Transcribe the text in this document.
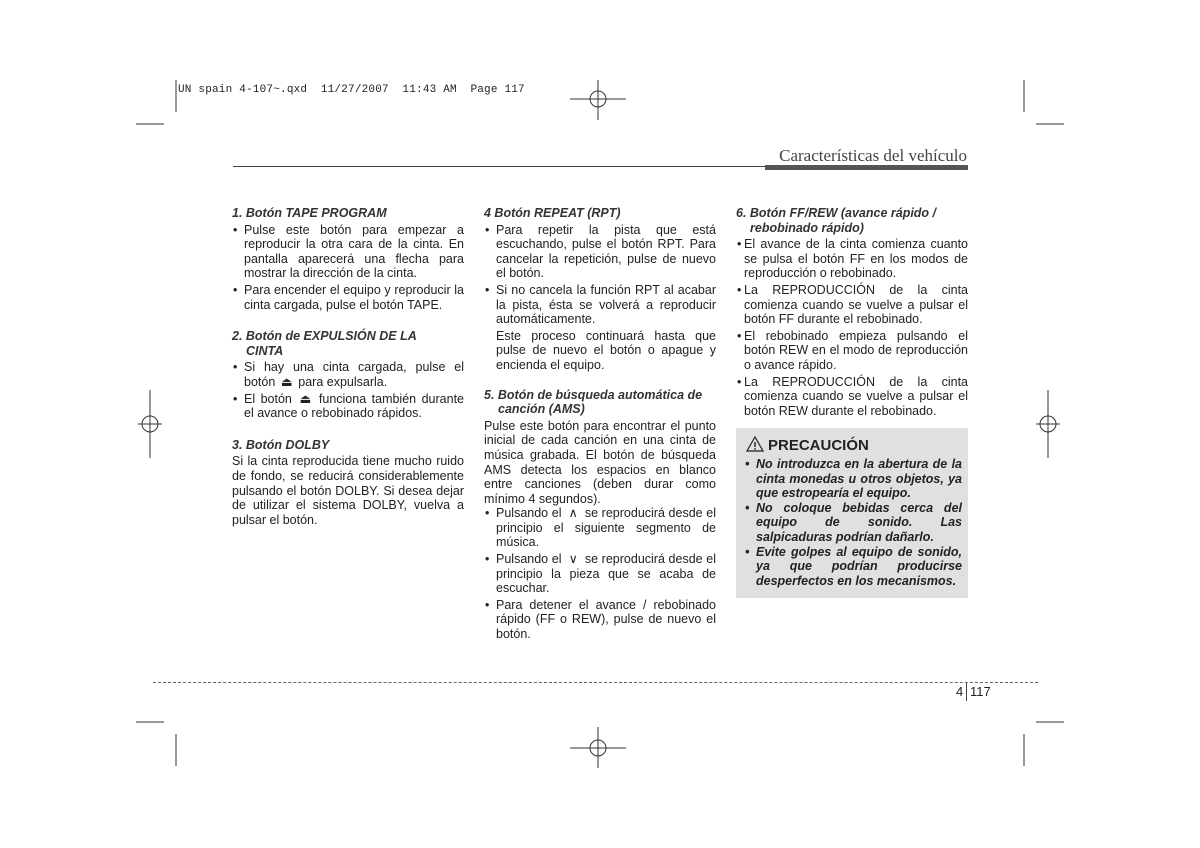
UN spain 4-107~.qxd  11/27/2007  11:43 AM  Page 117
Características del vehículo
1. Botón TAPE PROGRAM
• Pulse este botón para empezar a reproducir la otra cara de la cinta. En pantalla aparecerá una flecha para mostrar la dirección de la cinta.
• Para encender el equipo y reproducir la cinta cargada, pulse el botón TAPE.
2. Botón de EXPULSIÓN DE LA
CINTA
• Si hay una cinta cargada, pulse el botón ⏏ para expulsarla.
• El botón ⏏ funciona también durante el avance o rebobinado rápidos.
3. Botón DOLBY

Si la cinta reproducida tiene mucho ruido de fondo, se reducirá considerablemente pulsando el botón DOLBY. Si desea dejar de utilizar el sistema DOLBY, vuelva a pulsar el botón.

4 Botón REPEAT (RPT)
• Para repetir la pista que está escuchando, pulse el botón RPT. Para cancelar la repetición, pulse de nuevo el botón.
• Si no cancela la función RPT al acabar la pista, ésta se volverá a reproducir automáticamente.

Este proceso continuará hasta que pulse de nuevo el botón o apague y encienda el equipo.

5. Botón de búsqueda automática de
canción (AMS)

Pulse este botón para encontrar el punto inicial de cada canción en una cinta de música grabada. El botón de búsqueda AMS detecta los espacios en blanco entre canciones (deben durar como mínimo 4 segundos).

• Pulsando el ∧ se reproducirá desde el principio el siguiente segmento de música.
• Pulsando el ∨ se reproducirá desde el principio la pieza que se acaba de escuchar.
• Para detener el avance / rebobinado rápido (FF o REW), pulse de nuevo el botón.
6. Botón FF/REW (avance rápido /
rebobinado rápido)
• El avance de la cinta comienza cuanto se pulsa el botón FF en los modos de reproducción o rebobinado.
• La REPRODUCCIÓN de la cinta comienza cuando se vuelve a pulsar el botón FF durante el rebobinado.
• El rebobinado empieza pulsando el botón REW en el modo de reproducción o avance rápido.
• La REPRODUCCIÓN de la cinta comienza cuando se vuelve a pulsar el botón REW durante el rebobinado.
PRECAUCIÓN
• No introduzca en la abertura de la cinta monedas u otros objetos, ya que estropearía el equipo.
• No coloque bebidas cerca del equipo de sonido. Las salpicaduras podrían dañarlo.
• Evite golpes al equipo de sonido, ya que podrían producirse desperfectos en los mecanismos.
4 117
